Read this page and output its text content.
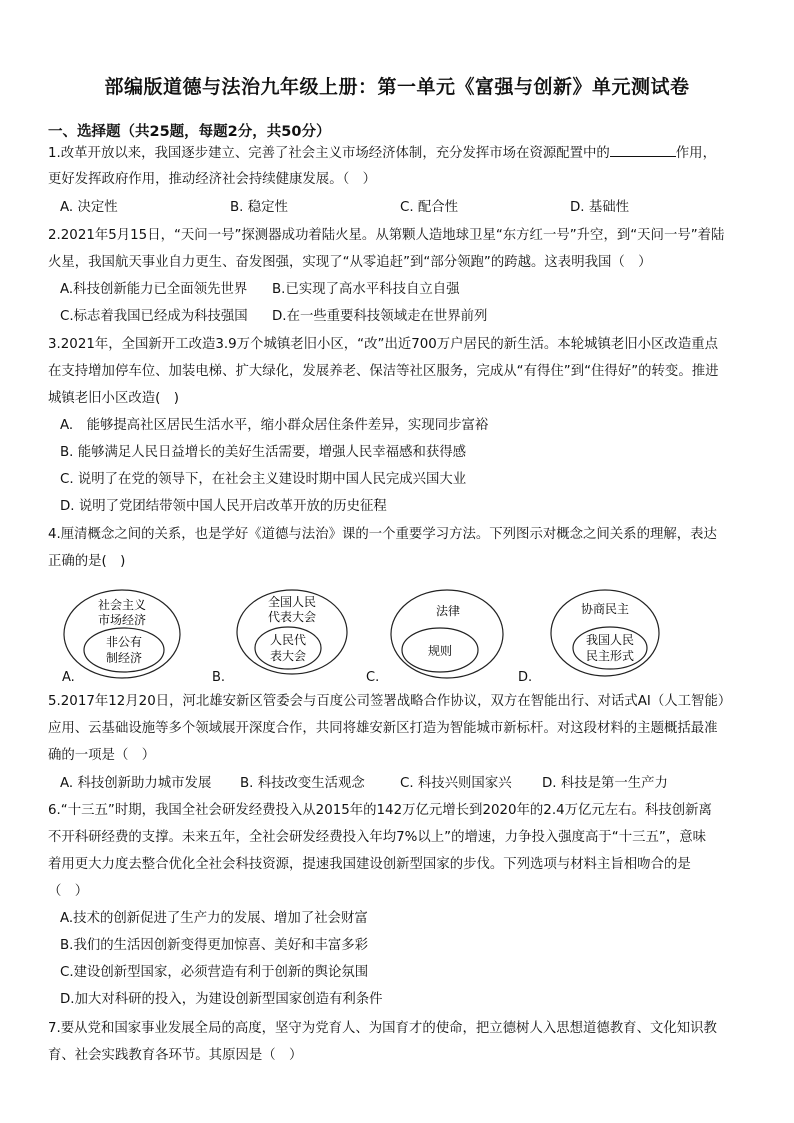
部编版道德与法治九年级上册：第一单元《富强与创新》单元测试卷
一、选择题（共25题，每题2分，共50分）
1.改革开放以来，我国逐步建立、完善了社会主义市场经济体制，充分发挥市场在资源配置中的	作用，
更好发挥政府作用，推动经济社会持续健康发展。（　）
A. 决定性	B. 稳定性	C. 配合性	D. 基础性
2.2021年5月15日，“天问一号”探测器成功着陆火星。从第颗人造地球卫星“东方红一号”升空，到“天问一号”着陆
火星，我国航天事业自力更生、奋发图强，实现了“从零追赶”到“部分领跑”的跨越。这表明我国（　）
A.科技创新能力已全面领先世界 B.已实现了高水平科技自立自强
C.标志着我国已经成为科技强国 D.在一些重要科技领域走在世界前列
3.2021年，全国新开工改造3.9万个城镇老旧小区，“改”出近700万户居民的新生活。本轮城镇老旧小区改造重点
在支持增加停车位、加装电梯、扩大绿化，发展养老、保洁等社区服务，完成从“有得住”到“住得好”的转变。推进
城镇老旧小区改造(　)
A.　能够提高社区居民生活水平，缩小群众居住条件差异，实现同步富裕
B. 能够满足人民日益增长的美好生活需要，增强人民幸福感和获得感
C. 说明了在党的领导下，在社会主义建设时期中国人民完成兴国大业
D. 说明了党团结带领中国人民开启改革开放的历史征程
4.厘清概念之间的关系，也是学好《道德与法治》课的一个重要学习方法。下列图示对概念之间关系的理解，表达
正确的是(　)
社会主义
市场经济
非公有
制经济
全国人民
代表大会
人民代
表大会
法律
规则
协商民主
我国人民
民主形式
A.	B.	C.	D.
5.2017年12月20日，河北雄安新区管委会与百度公司签署战略合作协议，双方在智能出行、对话式AI（人工智能）
应用、云基础设施等多个领域展开深度合作，共同将雄安新区打造为智能城市新标杆。对这段材料的主题概括最准
确的一项是（　）
A. 科技创新助力城市发展 B. 科技改变生活观念	C. 科技兴则国家兴 D. 科技是第一生产力
6.“十三五”时期，我国全社会研发经费投入从2015年的142万亿元增长到2020年的2.4万亿元左右。科技创新离
不开科研经费的支撑。未来五年，全社会研发经费投入年均7%以上”的增速，力争投入强度高于“十三五”，意味
着用更大力度去整合优化全社会科技资源，提速我国建设创新型国家的步伐。下列选项与材料主旨相吻合的是
（　）
A.技术的创新促进了生产力的发展、增加了社会财富
B.我们的生活因创新变得更加惊喜、美好和丰富多彩
C.建设创新型国家，必须营造有利于创新的舆论氛围
D.加大对科研的投入，为建设创新型国家创造有利条件
7.要从党和国家事业发展全局的高度，坚守为党育人、为国育才的使命，把立德树人入思想道德教育、文化知识教
育、社会实践教育各环节。其原因是（　）
